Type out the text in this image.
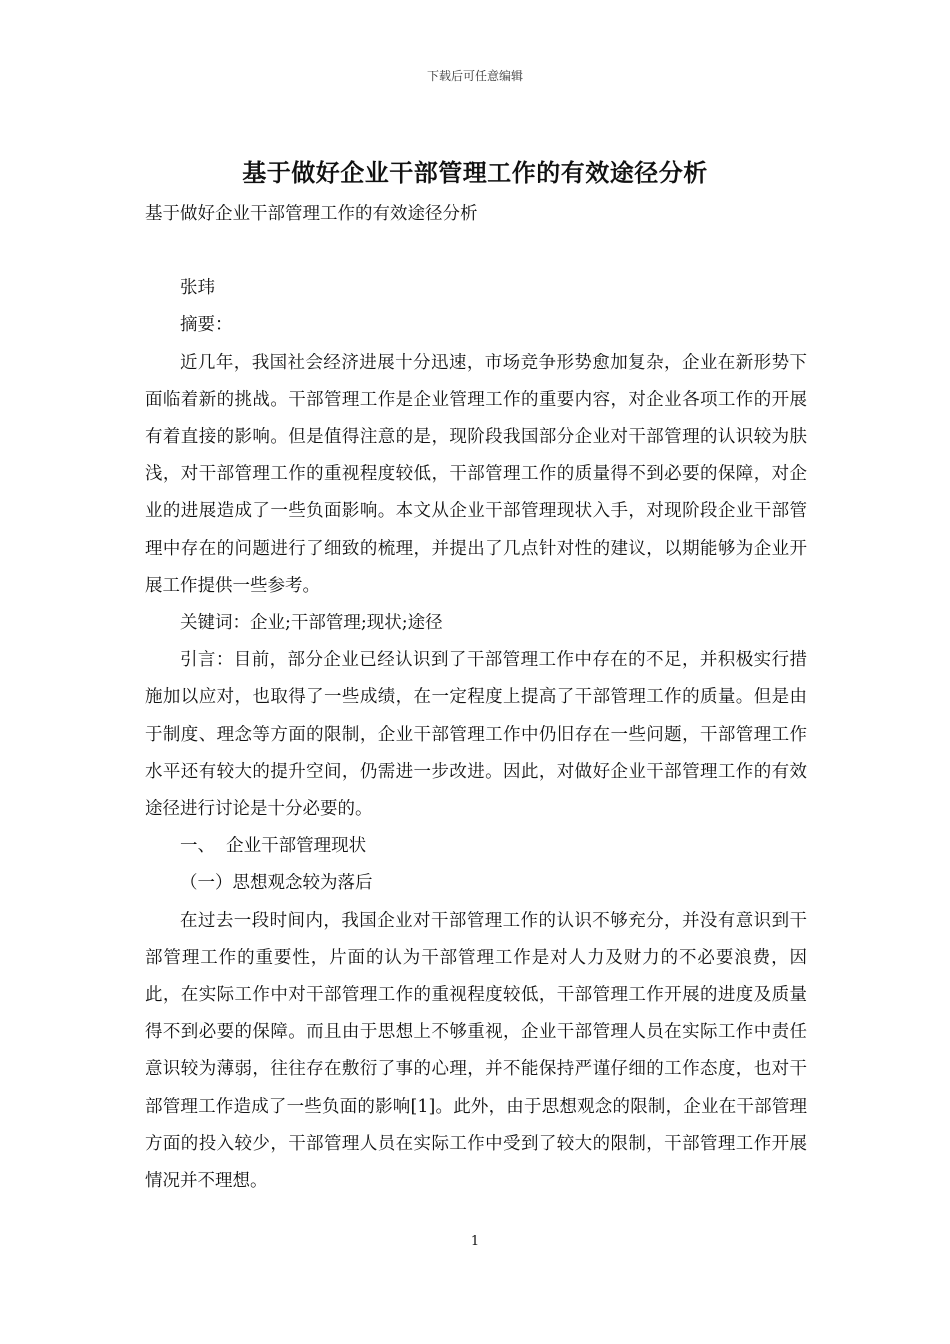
下载后可任意编辑
基于做好企业干部管理工作的有效途径分析

基于做好企业干部管理工作的有效途径分析

张玮

摘要：

近几年，我国社会经济进展十分迅速，市场竞争形势愈加复杂，企业在新形势下面临着新的挑战。干部管理工作是企业管理工作的重要内容，对企业各项工作的开展有着直接的影响。但是值得注意的是，现阶段我国部分企业对干部管理的认识较为肤浅，对干部管理工作的重视程度较低，干部管理工作的质量得不到必要的保障，对企业的进展造成了一些负面影响。本文从企业干部管理现状入手，对现阶段企业干部管理中存在的问题进行了细致的梳理，并提出了几点针对性的建议，以期能够为企业开展工作提供一些参考。

关键词：企业;干部管理;现状;途径

引言：目前，部分企业已经认识到了干部管理工作中存在的不足，并积极实行措施加以应对，也取得了一些成绩，在一定程度上提高了干部管理工作的质量。但是由于制度、理念等方面的限制，企业干部管理工作中仍旧存在一些问题，干部管理工作水平还有较大的提升空间，仍需进一步改进。因此，对做好企业干部管理工作的有效途径进行讨论是十分必要的。

一、  企业干部管理现状

（一）思想观念较为落后

在过去一段时间内，我国企业对干部管理工作的认识不够充分，并没有意识到干部管理工作的重要性，片面的认为干部管理工作是对人力及财力的不必要浪费，因此，在实际工作中对干部管理工作的重视程度较低，干部管理工作开展的进度及质量得不到必要的保障。而且由于思想上不够重视，企业干部管理人员在实际工作中责任意识较为薄弱，往往存在敷衍了事的心理，并不能保持严谨仔细的工作态度，也对干部管理工作造成了一些负面的影响[1]。此外，由于思想观念的限制，企业在干部管理方面的投入较少，干部管理人员在实际工作中受到了较大的限制，干部管理工作开展情况并不理想。

1
